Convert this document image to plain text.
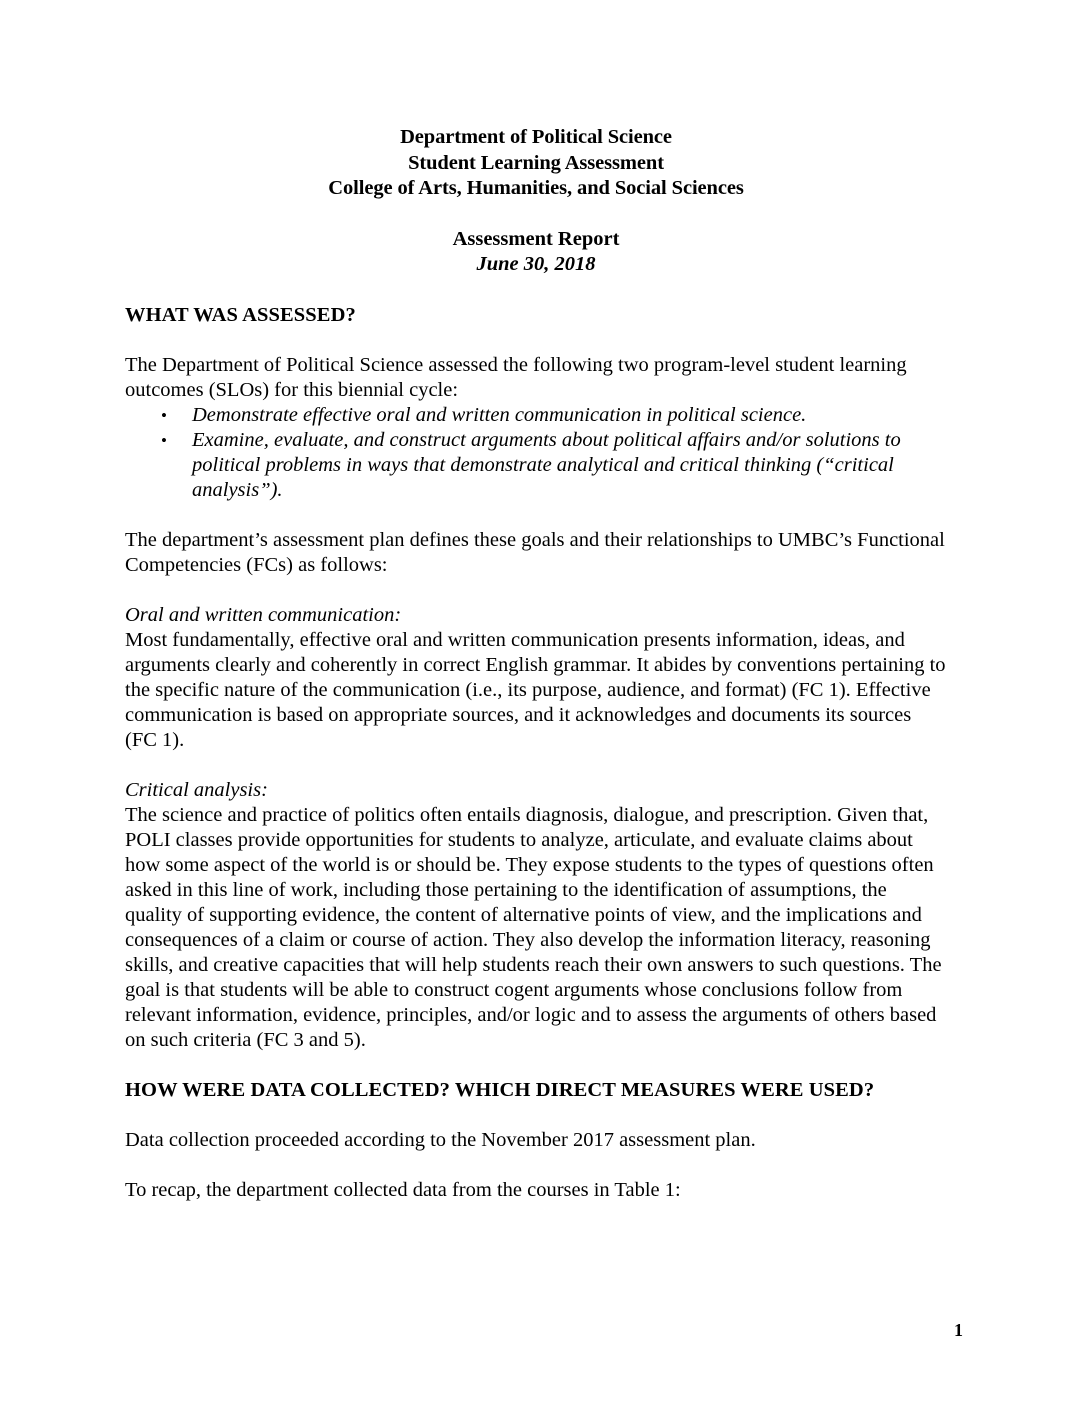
Department of Political Science
Student Learning Assessment
College of Arts, Humanities, and Social Sciences
Assessment Report
June 30, 2018
WHAT WAS ASSESSED?

The Department of Political Science assessed the following two program-level student learning outcomes (SLOs) for this biennial cycle:

• Demonstrate effective oral and written communication in political science.
• Examine, evaluate, and construct arguments about political affairs and/or solutions to political problems in ways that demonstrate analytical and critical thinking (“critical analysis”).

The department’s assessment plan defines these goals and their relationships to UMBC’s Functional Competencies (FCs) as follows:

Oral and written communication:

Most fundamentally, effective oral and written communication presents information, ideas, and arguments clearly and coherently in correct English grammar. It abides by conventions pertaining to the specific nature of the communication (i.e., its purpose, audience, and format) (FC 1). Effective communication is based on appropriate sources, and it acknowledges and documents its sources (FC 1).

Critical analysis:

The science and practice of politics often entails diagnosis, dialogue, and prescription. Given that, POLI classes provide opportunities for students to analyze, articulate, and evaluate claims about how some aspect of the world is or should be. They expose students to the types of questions often asked in this line of work, including those pertaining to the identification of assumptions, the quality of supporting evidence, the content of alternative points of view, and the implications and consequences of a claim or course of action. They also develop the information literacy, reasoning skills, and creative capacities that will help students reach their own answers to such questions. The goal is that students will be able to construct cogent arguments whose conclusions follow from relevant information, evidence, principles, and/or logic and to assess the arguments of others based on such criteria (FC 3 and 5).

HOW WERE DATA COLLECTED? WHICH DIRECT MEASURES WERE USED?

Data collection proceeded according to the November 2017 assessment plan.

To recap, the department collected data from the courses in Table 1:

1
